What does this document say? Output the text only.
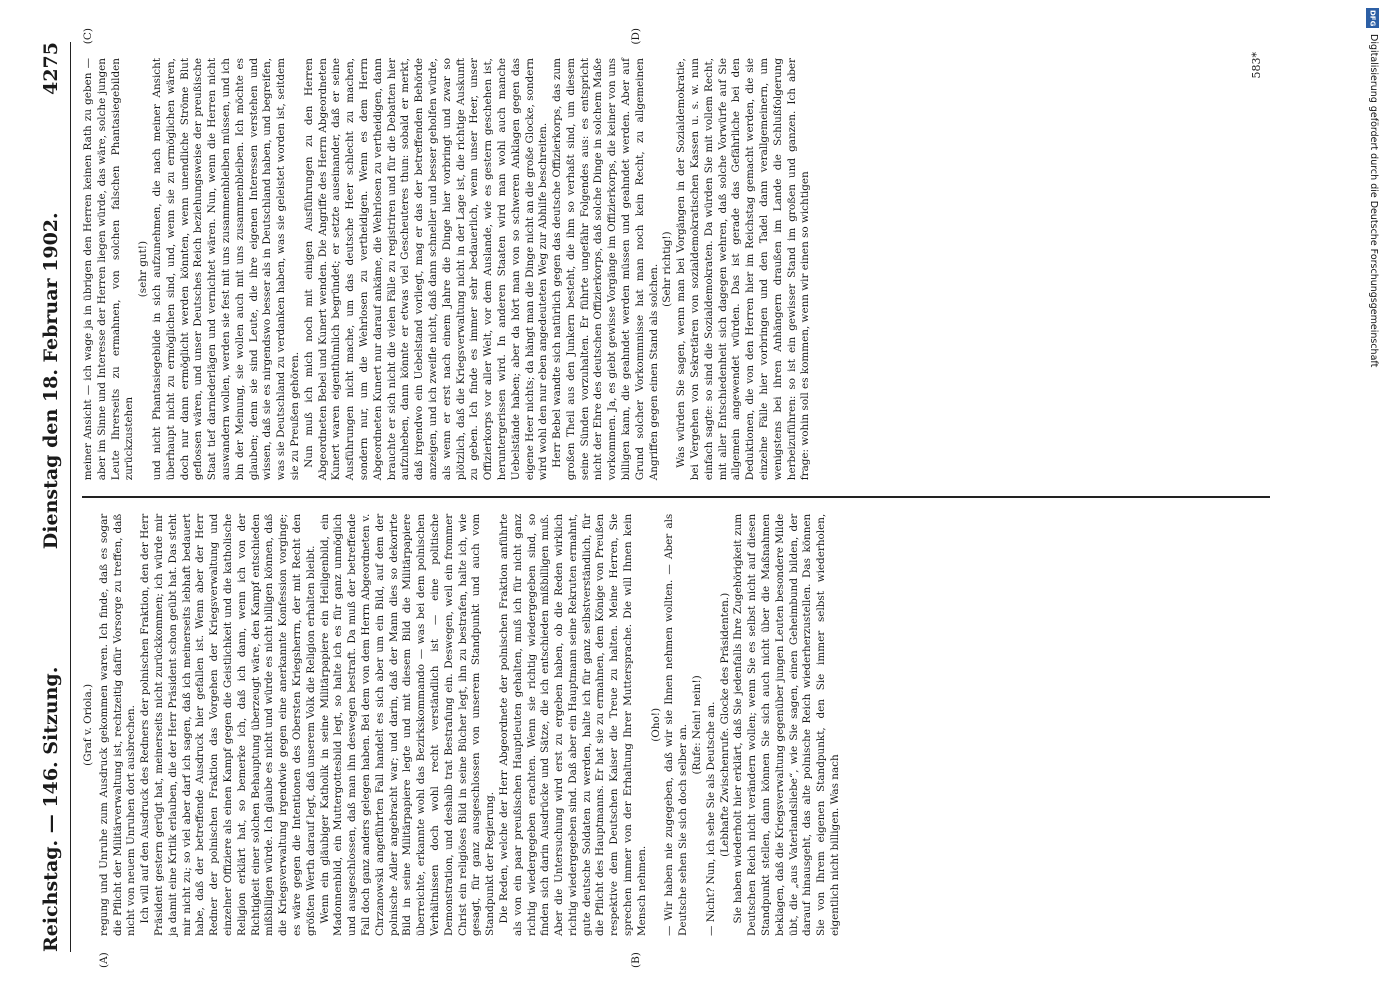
Reichstag. — 146. Sitzung.
Dienstag den 18. Februar 1902.
4275
(A)	(B)
(Graf v. Oriola.) regung und Unruhe zum Ausdruck gekommen waren. Ich finde, daß es sogar die Pflicht der Militärverwaltung ist, rechtzeitig dafür Vorsorge zu treffen, daß nicht von neuem Unruhen dort ausbrechen. Ich will auf den Ausdruck des Redners der polnischen Fraktion, den der Herr Präsident gestern gerügt hat, meinerseits nicht zurückkommen; ich würde mir ja damit eine Kritik erlauben, die der Herr Präsident schon geübt hat. Das steht mir nicht zu; so viel aber darf ich sagen, daß ich meinerseits lebhaft bedauert habe, daß der betreffende Ausdruck hier gefallen ist. Wenn aber der Herr Redner der polnischen Fraktion das Vorgehen der Kriegsverwaltung und einzelner Offiziere als einen Kampf gegen die Geistlichkeit und die katholische Religion erklärt hat, so bemerke ich, daß ich dann, wenn ich von der Richtigkeit einer solchen Behauptung überzeugt wäre, den Kampf entschieden mißbilligen würde. Ich glaube es nicht und würde es nicht billigen können, daß die Kriegsverwaltung irgendwie gegen eine anerkannte Konfession vorginge; es wäre gegen die Intentionen des Obersten Kriegsherrn, der mit Recht den größten Werth darauf legt, daß unserem Volk die Religion erhalten bleibt. Wenn ein gläubiger Katholik in seine Militärpapiere ein Heiligenbild, ein Madonnenbild, ein Muttergottesbild legt, so halte ich es für ganz unmöglich und ausgeschlossen, daß man ihn deswegen bestraft. Da muß der betreffende Fall doch ganz anders gelegen haben. Bei dem von dem Herrn Abgeordneten v. Chrzanowski angeführten Fall handelt es sich aber um ein Bild, auf dem der polnische Adler angebracht war; und darin, daß der Mann dies so dekorirte Bild in seine Militärpapiere legte und mit diesem Bild die Militärpapiere überreichte, erkannte wohl das Bezirkskommando — was bei dem polnischen Verhältnissen doch wohl recht verständlich ist — eine politische Demonstration, und deshalb trat Bestrafung ein. Deswegen, weil ein frommer Christ ein religiöses Bild in seine Bücher legt, ihn zu bestrafen, halte ich, wie gesagt, für ganz ausgeschlossen von unserem Standpunkt und auch vom Standpunkt der Regierung. Die Reden, welche der Herr Abgeordnete der polnischen Fraktion anführte als von ein paar preußischen Hauptleuten gehalten, muß ich für nicht ganz richtig wiedergegeben erachten. Wenn sie richtig wiedergegeben sind, so finden sich darin Ausdrücke und Sätze, die ich entschieden mißbilligen muß. Aber die Untersuchung wird erst zu ergeben haben, ob die Reden wirklich richtig wiedergegeben sind. Daß aber ein Hauptmann seine Rekruten ermahnt, gute deutsche Soldaten zu werden, halte ich für ganz selbstverständlich, für die Pflicht des Hauptmanns. Er hat sie zu ermahnen, dem Könige von Preußen respektive dem Deutschen Kaiser die Treue zu halten. Meine Herren, Sie sprechen immer von der Erhaltung Ihrer Muttersprache. Die will Ihnen kein Mensch nehmen.

(Oho!) — Wir haben nie zugegeben, daß wir sie Ihnen nehmen wollten. — Aber als Deutsche sehen Sie sich doch selber an. (Rufe: Nein! nein!) — Nicht? Nun, ich sehe Sie als Deutsche an. (Lebhafte Zwischenrufe. Glocke des Präsidenten.) Sie haben wiederholt hier erklärt, daß Sie jedenfalls Ihre Zugehörigkeit zum Deutschen Reich nicht verändern wollen; wenn Sie es selbst nicht auf diesen Standpunkt stellen, dann können Sie sich auch nicht über die Maßnahmen beklagen, daß die Kriegsverwaltung gegenüber jungen Leuten besondere Milde übt, die „aus Vaterlandsliebe“, wie Sie sagen, einen Geheimbund bilden, der darauf hinausgeht, das alte polnische Reich wiederherzustellen. Das können Sie von Ihrem eigenen Standpunkt, den Sie immer selbst wiederholen, eigentlich nicht billigen. Was nach

(C)	(D)

meiner Ansicht — ich wage ja in übrigen den Herren keinen Rath zu geben — aber im Sinne und Interesse der Herren liegen würde, das wäre, solche jungen Leute Ihrerseits zu ermahnen, von solchen falschen Phantasiegebilden zurückzustehen

(sehr gut!) und nicht Phantasiegebilde in sich aufzunehmen, die nach meiner Ansicht überhaupt nicht zu ermöglichen sind, und, wenn sie zu ermöglichen wären, doch nur dann ermöglicht werden könnten, wenn unendliche Ströme Blut geflossen wären, und unser Deutsches Reich beziehungsweise der preußische Staat tief darniederlägen und vernichtet wären. Nun, wenn die Herren nicht auswandern wollen, werden sie fest mit uns zusammenbleiben müssen, und ich bin der Meinung, sie wollen auch mit uns zusammenbleiben. Ich möchte es glauben; denn sie sind Leute, die ihre eigenen Interessen verstehen und wissen, daß sie es nirgendswo besser als in Deutschland haben, und begreifen, was sie Deutschland zu verdanken haben, was sie geleistet worden ist, seitdem sie zu Preußen gehören. Nun muß ich mich noch mit einigen Ausführungen zu den Herren Abgeordneten Bebel und Kunert wenden. Die Angriffe des Herrn Abgeordneten Kunert waren eigenthümlich begründet; er setzte auseinander, daß er seine Ausführungen nicht mache, um das deutsche Heer schlecht zu machen, sondern nur, um die Wehrlosen zu vertheidigen. Wenn es dem Herrn Abgeordneten Kunert nur darauf ankäme, die Wehrlosen zu vertheidigen, dann brauchte er sich nicht die vielen Fälle zu registriren und für die Debatten hier aufzuheben, dann könnte er etwas viel Gescheuteres thun: sobald er merkt, daß irgendwo ein Uebelstand vorliegt, mag er das der betreffenden Behörde anzeigen, und ich zweifle nicht, daß dann schneller und besser geholfen würde, als wenn er erst nach einem Jahre die Dinge hier vorbringt und zwar so plötzlich, daß die Kriegsverwaltung nicht in der Lage ist, die richtige Auskunft zu geben. Ich finde es immer sehr bedauerlich, wenn unser Heer, unser Offizierkorps vor aller Welt, vor dem Auslande, wie es gestern geschehen ist, heruntergerissen wird. In anderen Staaten wird man wohl auch manche Uebelstände haben; aber da hört man von so schweren Anklagen gegen das eigene Heer nichts; da hängt man die Dinge nicht an die große Glocke, sondern wird wohl den nur eben angedeuteten Weg zur Abhilfe beschreiten. Herr Bebel wandte sich natürlich gegen das deutsche Offizierkorps, das zum großen Theil aus den Junkern besteht, die ihm so verhaßt sind, um diesem seine Sünden vorzuhalten. Er führte ungefähr Folgendes aus: es entspricht nicht der Ehre des deutschen Offizierkorps, daß solche Dinge in solchem Maße vorkommen. Ja, es giebt gewisse Vorgänge im Offizierkorps, die keiner von uns billigen kann, die geahndet werden müssen und geahndet werden. Aber auf Grund solcher Vorkommnisse hat man noch kein Recht, zu allgemeinen Angriffen gegen einen Stand als solchen. (Sehr richtig!) Was würden Sie sagen, wenn man bei Vorgängen in der Sozialdemokratie, bei Vergehen von Sekretären von sozialdemokratischen Kassen u. s. w. nun einfach sagte: so sind die Sozialdemokraten. Da würden Sie mit vollem Recht, mit aller Entschiedenheit sich dagegen wehren, daß solche Vorwürfe auf Sie allgemein angewendet würden. Das ist gerade das Gefährliche bei den Deduktionen, die von den Herren hier im Reichstag gemacht werden, die sie einzelne Fälle hier vorbringen und den Tadel dann verallgemeinern, um wenigstens bei ihren Anhängern draußen im Lande die Schlußfolgerung herbeizuführen: so ist ein gewisser Stand im großen und ganzen. Ich aber frage: wohin soll es kommen, wenn wir einen so wichtigen

583*
DFG
Digitalisierung gefördert durch die Deutsche Forschungsgemeinschaft
